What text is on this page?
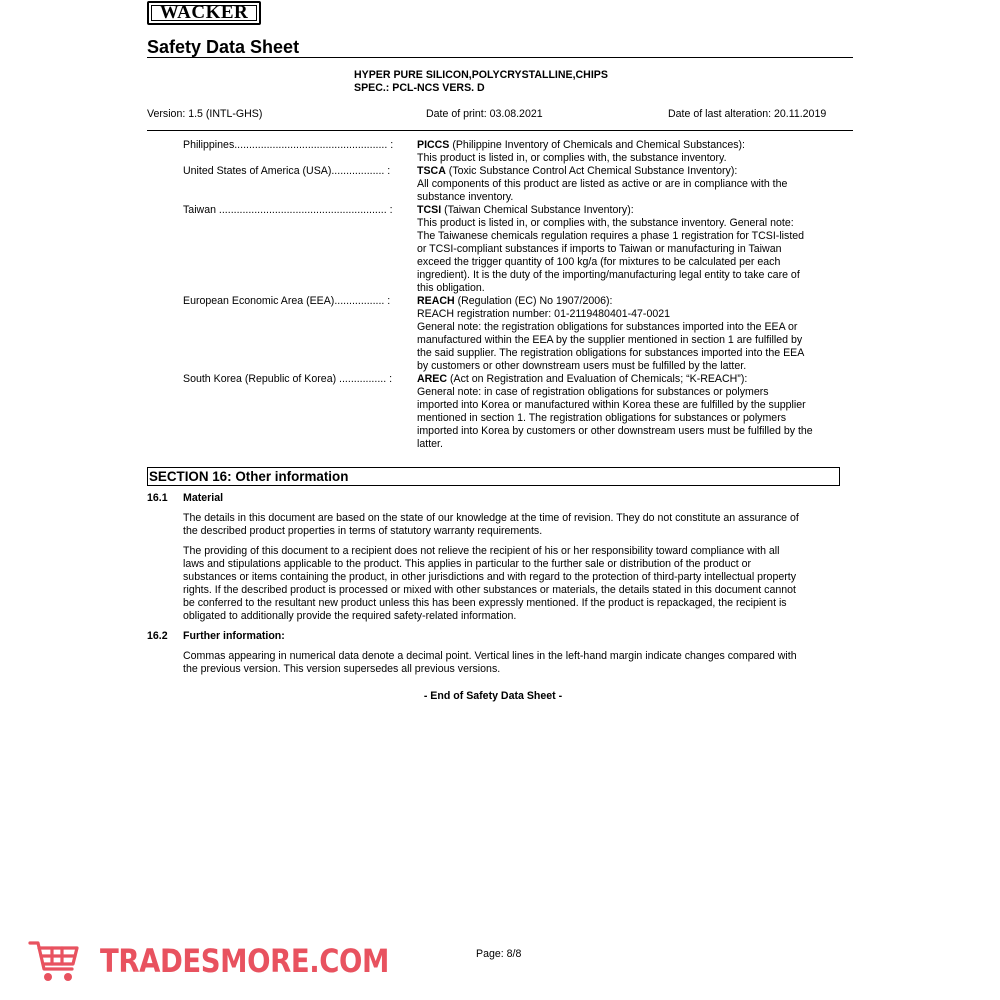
WACKER
Safety Data Sheet
HYPER PURE SILICON,POLYCRYSTALLINE,CHIPS
SPEC.: PCL-NCS VERS. D
Version: 1.5 (INTL-GHS)	Date of print: 03.08.2021	Date of last alteration: 20.11.2019
Philippines.................................................... :	PICCS (Philippine Inventory of Chemicals and Chemical Substances):
This product is listed in, or complies with, the substance inventory.
United States of America (USA).................. :	TSCA (Toxic Substance Control Act Chemical Substance Inventory):
All components of this product are listed as active or are in compliance with the
substance inventory.
Taiwan ......................................................... :	TCSI (Taiwan Chemical Substance Inventory):
This product is listed in, or complies with, the substance inventory. General note:
The Taiwanese chemicals regulation requires a phase 1 registration for TCSI-listed
or TCSI-compliant substances if imports to Taiwan or manufacturing in Taiwan
exceed the trigger quantity of 100 kg/a (for mixtures to be calculated per each
ingredient). It is the duty of the importing/manufacturing legal entity to take care of
this obligation.
European Economic Area (EEA)................. :	REACH (Regulation (EC) No 1907/2006):
REACH registration number: 01-2119480401-47-0021
General note: the registration obligations for substances imported into the EEA or
manufactured within the EEA by the supplier mentioned in section 1 are fulfilled by
the said supplier. The registration obligations for substances imported into the EEA
by customers or other downstream users must be fulfilled by the latter.
South Korea (Republic of Korea) ................ :	AREC (Act on Registration and Evaluation of Chemicals; “K-REACH”):
General note: in case of registration obligations for substances or polymers
imported into Korea or manufactured within Korea these are fulfilled by the supplier
mentioned in section 1. The registration obligations for substances or polymers
imported into Korea by customers or other downstream users must be fulfilled by the
latter.
SECTION 16: Other information
16.1 Material
The details in this document are based on the state of our knowledge at the time of revision. They do not constitute an assurance of
the described product properties in terms of statutory warranty requirements.
The providing of this document to a recipient does not relieve the recipient of his or her responsibility toward compliance with all
laws and stipulations applicable to the product. This applies in particular to the further sale or distribution of the product or
substances or items containing the product, in other jurisdictions and with regard to the protection of third-party intellectual property
rights. If the described product is processed or mixed with other substances or materials, the details stated in this document cannot
be conferred to the resultant new product unless this has been expressly mentioned. If the product is repackaged, the recipient is
obligated to additionally provide the required safety-related information.
16.2 Further information:
Commas appearing in numerical data denote a decimal point. Vertical lines in the left-hand margin indicate changes compared with
the previous version. This version supersedes all previous versions.
- End of Safety Data Sheet -
TRADESMORE.COM	Page: 8/8
